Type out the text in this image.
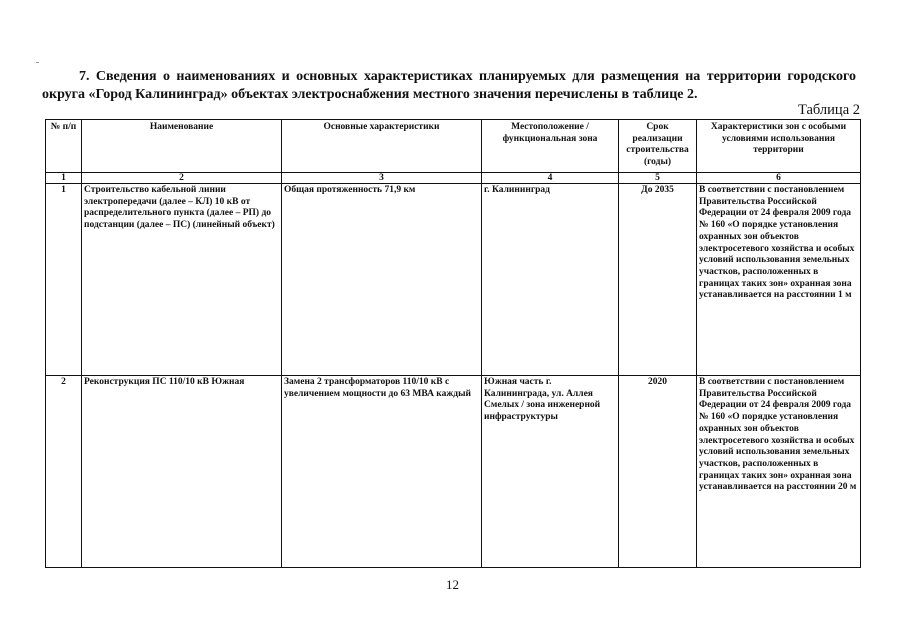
7. Сведения о наименованиях и основных характеристиках планируемых для размещения на территории городского округа «Город Калининград» объектах электроснабжения местного значения перечислены в таблице 2.

Таблица 2
№ п/п	Наименование	Основные характеристики	Местоположение / функциональная зона	Срок реализации строительства (годы)	Характеристики зон с особыми условиями использования территории
1	2	3	4	5	6
1	Строительство кабельной линии электропередачи (далее – КЛ) 10 кВ от распределительного пункта (далее – РП) до подстанции (далее – ПС) (линейный объект)	Общая протяженность 71,9 км	г. Калининград	До 2035	В соответствии с постановлением Правительства Российской Федерации от 24 февраля 2009 года № 160 «О порядке установления охранных зон объектов электросетевого хозяйства и особых условий использования земельных участков, расположенных в границах таких зон» охранная зона устанавливается на расстоянии 1 м
2	Реконструкция ПС 110/10 кВ Южная	Замена 2 трансформаторов 110/10 кВ с увеличением мощности до 63 МВА каждый	Южная часть г. Калининграда, ул. Аллея Смелых / зона инженерной инфраструктуры	2020	В соответствии с постановлением Правительства Российской Федерации от 24 февраля 2009 года № 160 «О порядке установления охранных зон объектов электросетевого хозяйства и особых условий использования земельных участков, расположенных в границах таких зон» охранная зона устанавливается на расстоянии 20 м
12
